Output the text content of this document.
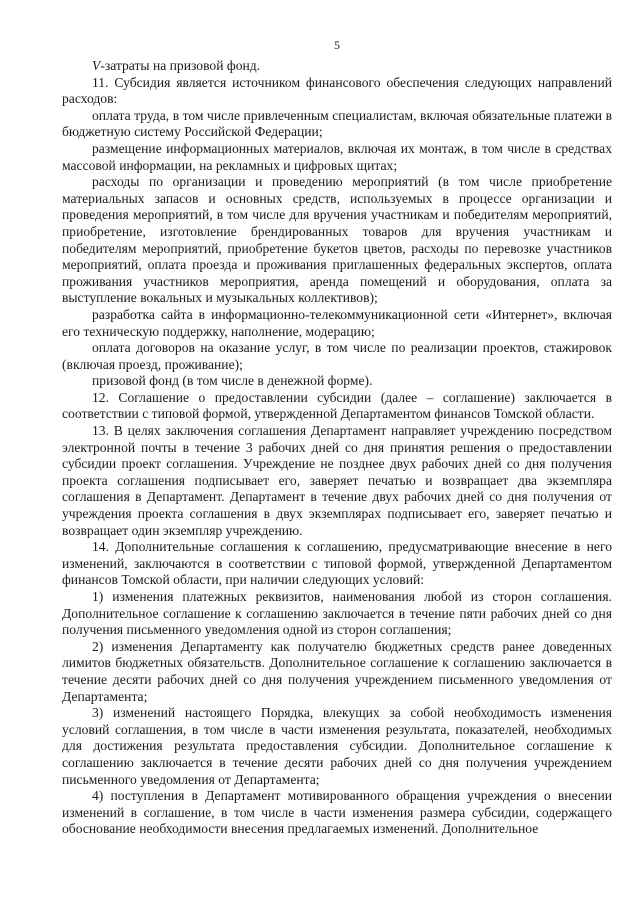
5

V-затраты на призовой фонд.

11. Субсидия является источником финансового обеспечения следующих направлений расходов:

оплата труда, в том числе привлеченным специалистам, включая обязательные платежи в бюджетную систему Российской Федерации;

размещение информационных материалов, включая их монтаж, в том числе в средствах массовой информации, на рекламных и цифровых щитах;

расходы по организации и проведению мероприятий (в том числе приобретение материальных запасов и основных средств, используемых в процессе организации и проведения мероприятий, в том числе для вручения участникам и победителям мероприятий, приобретение, изготовление брендированных товаров для вручения участникам и победителям мероприятий, приобретение букетов цветов, расходы по перевозке участников мероприятий, оплата проезда и проживания приглашенных федеральных экспертов, оплата проживания участников мероприятия, аренда помещений и оборудования, оплата за выступление вокальных и музыкальных коллективов);

разработка сайта в информационно-телекоммуникационной сети «Интернет», включая его техническую поддержку, наполнение, модерацию;

оплата договоров на оказание услуг, в том числе по реализации проектов, стажировок (включая проезд, проживание);

призовой фонд (в том числе в денежной форме).

12. Соглашение о предоставлении субсидии (далее – соглашение) заключается в соответствии с типовой формой, утвержденной Департаментом финансов Томской области.

13. В целях заключения соглашения Департамент направляет учреждению посредством электронной почты в течение 3 рабочих дней со дня принятия решения о предоставлении субсидии проект соглашения. Учреждение не позднее двух рабочих дней со дня получения проекта соглашения подписывает его, заверяет печатью и возвращает два экземпляра соглашения в Департамент. Департамент в течение двух рабочих дней со дня получения от учреждения проекта соглашения в двух экземплярах подписывает его, заверяет печатью и возвращает один экземпляр учреждению.

14. Дополнительные соглашения к соглашению, предусматривающие внесение в него изменений, заключаются в соответствии с типовой формой, утвержденной Департаментом финансов Томской области, при наличии следующих условий:

1) изменения платежных реквизитов, наименования любой из сторон соглашения. Дополнительное соглашение к соглашению заключается в течение пяти рабочих дней со дня получения письменного уведомления одной из сторон соглашения;

2) изменения Департаменту как получателю бюджетных средств ранее доведенных лимитов бюджетных обязательств. Дополнительное соглашение к соглашению заключается в течение десяти рабочих дней со дня получения учреждением письменного уведомления от Департамента;

3) изменений настоящего Порядка, влекущих за собой необходимость изменения условий соглашения, в том числе в части изменения результата, показателей, необходимых для достижения результата предоставления субсидии. Дополнительное соглашение к соглашению заключается в течение десяти рабочих дней со дня получения учреждением письменного уведомления от Департамента;

4) поступления в Департамент мотивированного обращения учреждения о внесении изменений в соглашение, в том числе в части изменения размера субсидии, содержащего обоснование необходимости внесения предлагаемых изменений. Дополнительное
